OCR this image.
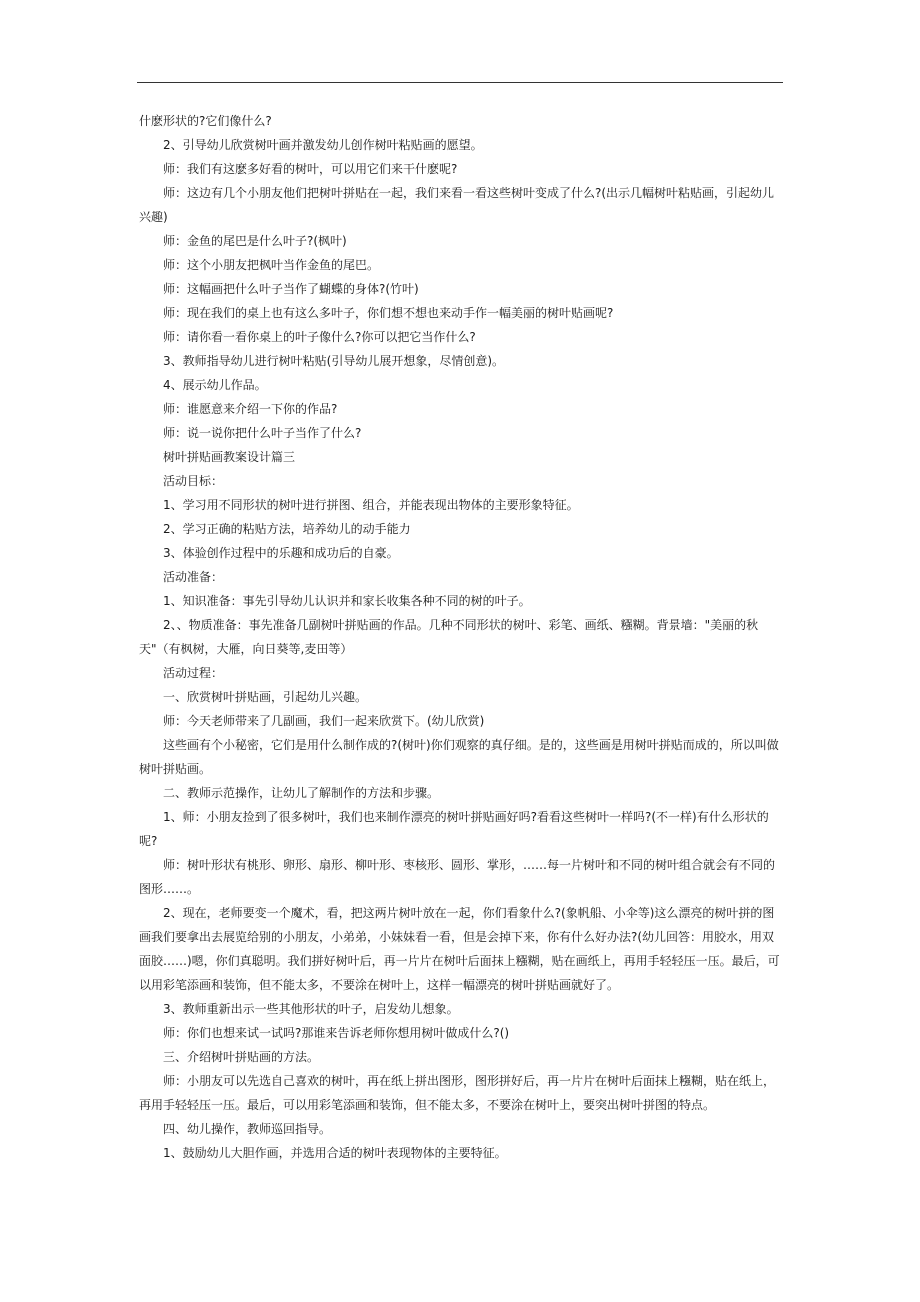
什麽形状的?它们像什么?

2、引导幼儿欣赏树叶画并激发幼儿创作树叶粘贴画的愿望。

师：我们有这麽多好看的树叶，可以用它们来干什麽呢?

师：这边有几个小朋友他们把树叶拼贴在一起，我们来看一看这些树叶变成了什么?(出示几幅树叶粘贴画，引起幼儿兴趣)

师：金鱼的尾巴是什么叶子?(枫叶)

师：这个小朋友把枫叶当作金鱼的尾巴。

师：这幅画把什么叶子当作了蝴蝶的身体?(竹叶)

师：现在我们的桌上也有这么多叶子，你们想不想也来动手作一幅美丽的树叶贴画呢?

师：请你看一看你桌上的叶子像什么?你可以把它当作什么?

3、教师指导幼儿进行树叶粘贴(引导幼儿展开想象，尽情创意)。

4、展示幼儿作品。

师：谁愿意来介绍一下你的作品?

师：说一说你把什么叶子当作了什么?

树叶拼贴画教案设计篇三

活动目标：

1、学习用不同形状的树叶进行拼图、组合，并能表现出物体的主要形象特征。

2、学习正确的粘贴方法，培养幼儿的动手能力

3、体验创作过程中的乐趣和成功后的自豪。

活动准备：

1、知识准备：事先引导幼儿认识并和家长收集各种不同的树的叶子。

2、、物质准备：事先准备几副树叶拼贴画的作品。几种不同形状的树叶、彩笔、画纸、糨糊。背景墙："美丽的秋天"（有枫树，大雁，向日葵等,麦田等）

活动过程：

一、欣赏树叶拼贴画，引起幼儿兴趣。

师：今天老师带来了几副画，我们一起来欣赏下。(幼儿欣赏)

这些画有个小秘密，它们是用什么制作成的?(树叶)你们观察的真仔细。是的，这些画是用树叶拼贴而成的，所以叫做树叶拼贴画。

二、教师示范操作，让幼儿了解制作的方法和步骤。

1、师：小朋友捡到了很多树叶，我们也来制作漂亮的树叶拼贴画好吗?看看这些树叶一样吗?(不一样)有什么形状的呢?

师：树叶形状有桃形、卵形、扇形、柳叶形、枣核形、圆形、掌形，……每一片树叶和不同的树叶组合就会有不同的图形……。

2、现在，老师要变一个魔术，看，把这两片树叶放在一起，你们看象什么?(象帆船、小伞等)这么漂亮的树叶拼的图画我们要拿出去展览给别的小朋友，小弟弟，小妹妹看一看，但是会掉下来，你有什么好办法?(幼儿回答：用胶水，用双面胶……)嗯，你们真聪明。我们拼好树叶后，再一片片在树叶后面抹上糨糊，贴在画纸上，再用手轻轻压一压。最后，可以用彩笔添画和装饰，但不能太多，不要涂在树叶上，这样一幅漂亮的树叶拼贴画就好了。

3、教师重新出示一些其他形状的叶子，启发幼儿想象。

师：你们也想来试一试吗?那谁来告诉老师你想用树叶做成什么?()

三、介绍树叶拼贴画的方法。

师：小朋友可以先选自己喜欢的树叶，再在纸上拼出图形，图形拼好后，再一片片在树叶后面抹上糨糊，贴在纸上，再用手轻轻压一压。最后，可以用彩笔添画和装饰，但不能太多，不要涂在树叶上，要突出树叶拼图的特点。

四、幼儿操作，教师巡回指导。

1、鼓励幼儿大胆作画，并选用合适的树叶表现物体的主要特征。
